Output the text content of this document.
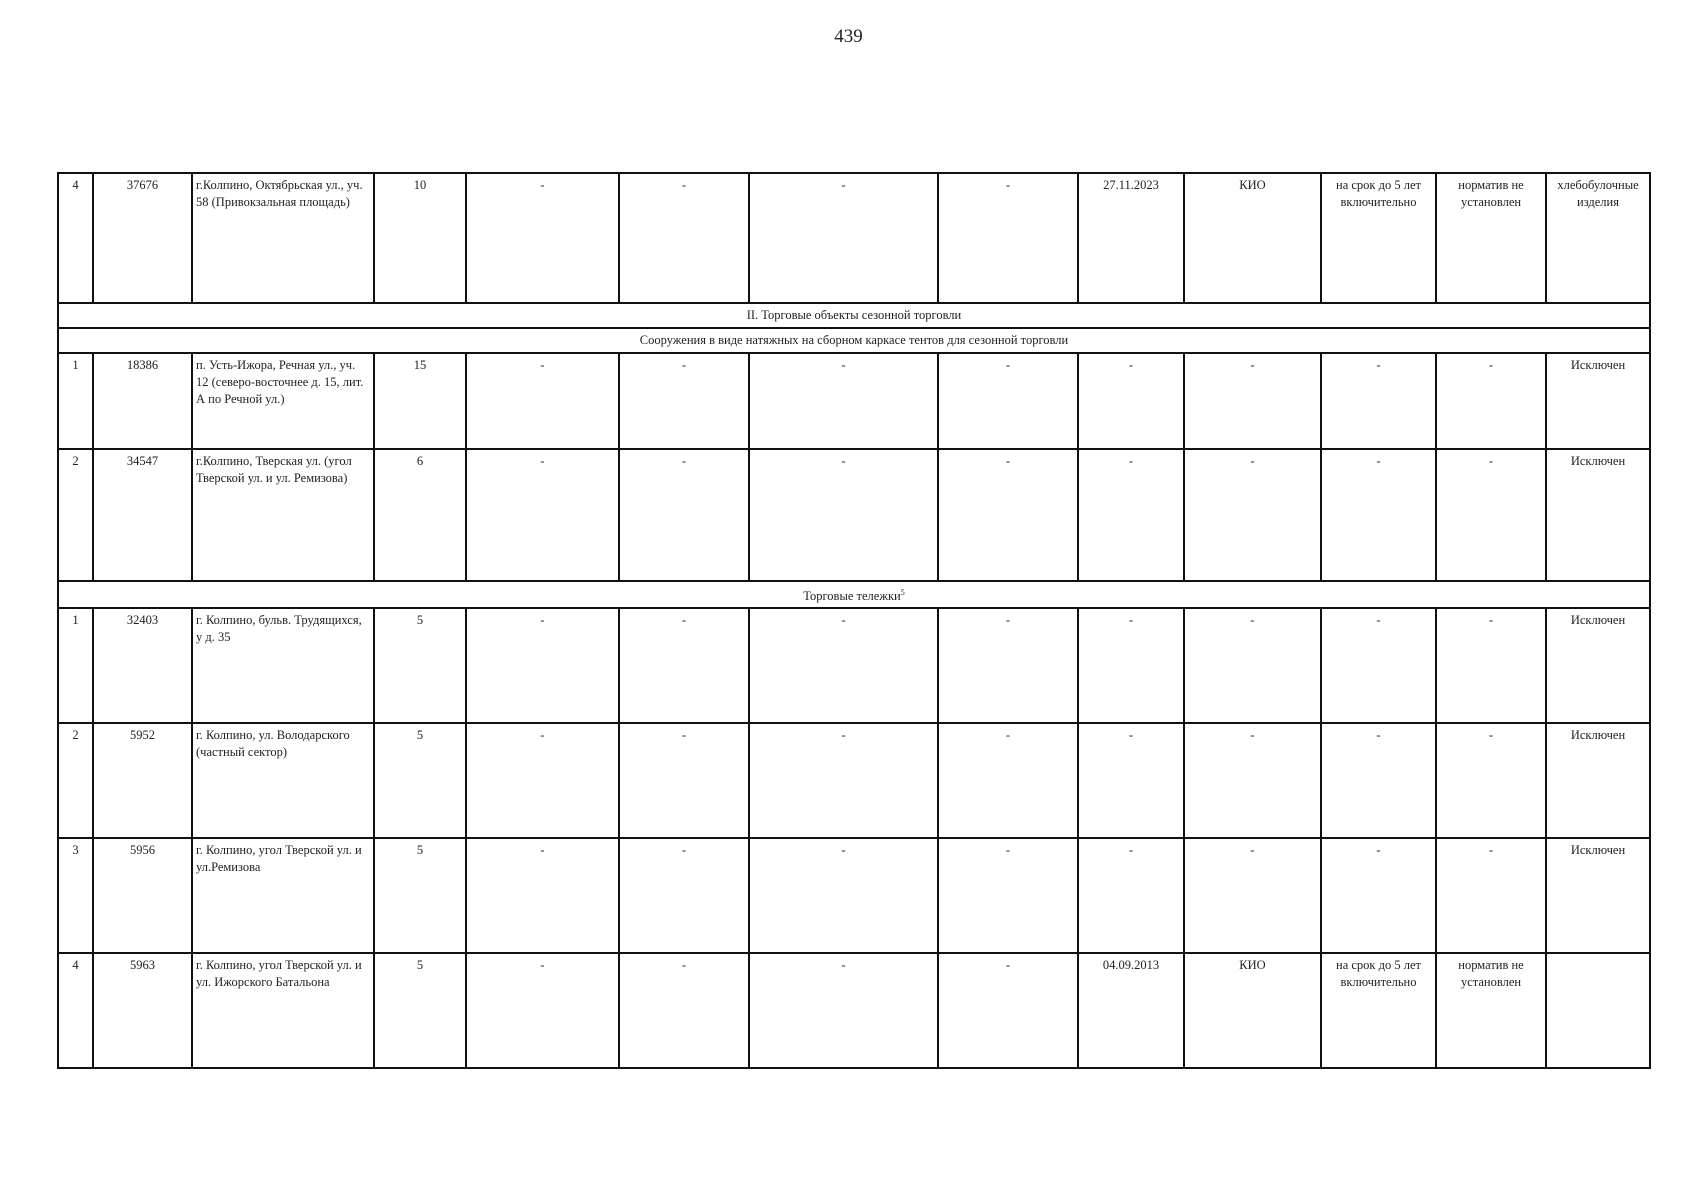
439
4	37676	г.Колпино, Октябрьская ул., уч. 58 (Привокзальная площадь)	10	-	-	-	-	27.11.2023	КИО	на срок до 5 лет включительно	норматив не установлен	хлебобулочные изделия
II. Торговые объекты сезонной торговли												
Сооружения в виде натяжных на сборном каркасе тентов для сезонной торговли												
1	18386	п. Усть-Ижора, Речная ул., уч. 12 (северо-восточнее д. 15, лит. А по Речной ул.)	15	-	-	-	-	-	-	-	-	Исключен
2	34547	г.Колпино, Тверская ул. (угол Тверской ул. и ул. Ремизова)	6	-	-	-	-	-	-	-	-	Исключен
Торговые тележки$^5$
1	32403	г. Колпино, бульв. Трудящихся, у д. 35	5	-	-	-	-	-	-	-	-	Исключен
2	5952	г. Колпино, ул. Володарского (частный сектор)	5	-	-	-	-	-	-	-	-	Исключен
3	5956	г. Колпино, угол Тверской ул. и ул.Ремизова	5	-	-	-	-	-	-	-	-	Исключен
4	5963	г. Колпино, угол Тверской ул. и ул. Ижорского Батальона	5	-	-	-	-	04.09.2013	КИО	на срок до 5 лет включительно	норматив не установлен	
